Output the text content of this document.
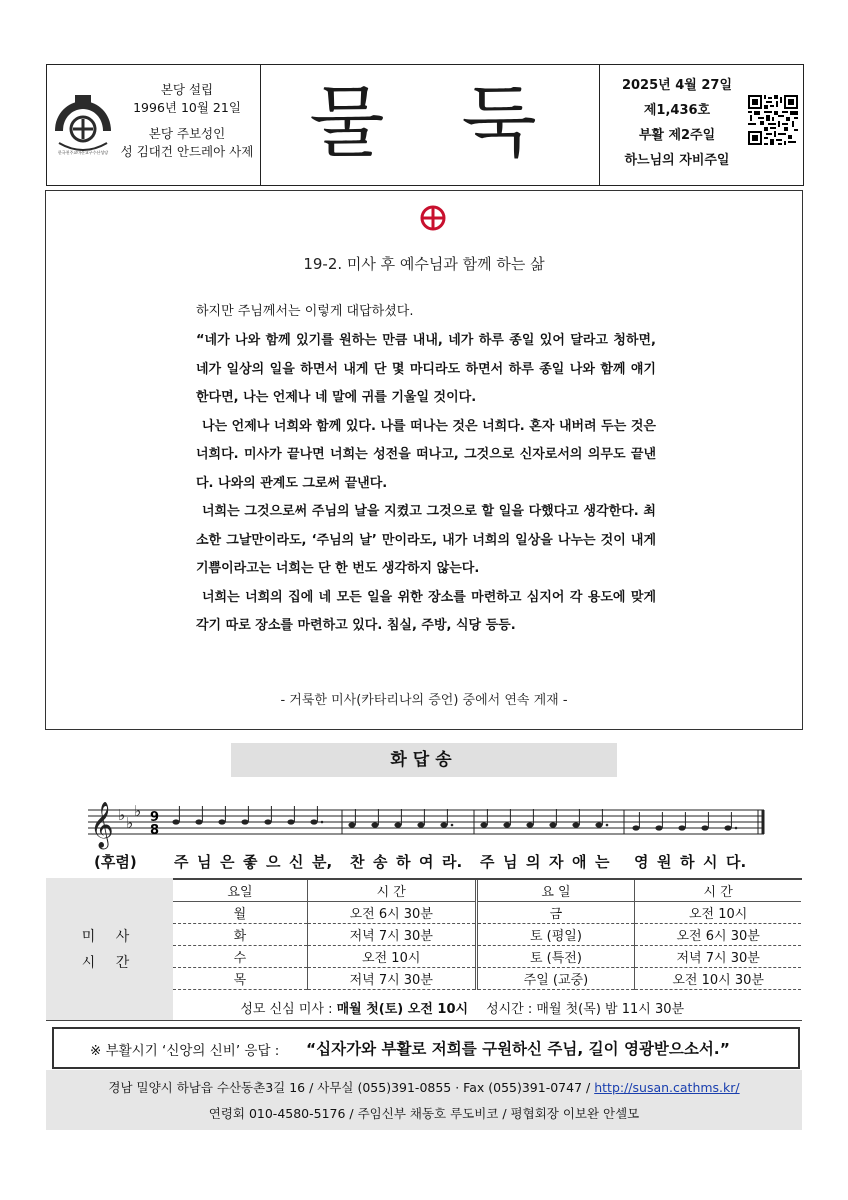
한국천주교마산교구수산성당
본당 설립
1996년 10월 21일
본당 주보성인
성 김대건 안드레아 사제 물 둑	2025년 4월 27일
제1,436호
부활 제2주일
하느님의 자비주일
19-2. 미사 후 예수님과 함께 하는 삶
하지만 주님께서는 이렇게 대답하셨다.

“네가 나와 함께 있기를 원하는 만큼 내내, 네가 하루 종일 있어 달라고 청하면, 네가 일상의 일을 하면서 내게 단 몇 마디라도 하면서 하루 종일 나와 함께 얘기한다면, 나는 언제나 네 말에 귀를 기울일 것이다.

나는 언제나 너희와 함께 있다. 나를 떠나는 것은 너희다. 혼자 내버려 두는 것은 너희다. 미사가 끝나면 너희는 성전을 떠나고, 그것으로 신자로서의 의무도 끝낸다. 나와의 관계도 그로써 끝낸다.

너희는 그것으로써 주님의 날을 지켰고 그것으로 할 일을 다했다고 생각한다. 최소한 그날만이라도, ‘주님의 날’ 만이라도, 내가 너희의 일상을 나누는 것이 내게 기쁨이라고는 너희는 단 한 번도 생각하지 않는다.

너희는 너희의 집에 네 모든 일을 위한 장소를 마련하고 심지어 각 용도에 맞게 각기 따로 장소를 마련하고 있다. 침실, 주방, 식당 등등.

- 거룩한 미사(카타리나의 증언) 중에서 연속 게재 -
화답송
𝄞 ♭ ♭
♭ 9
8
(후렴) 주 님 은 좋 으 신 분, 찬 송 하 여 라. 주 님 의 자 애 는 영 원 하 시 다.
미 사
시 간
요일	시 간	요 일	시 간
월	오전 6시 30분	금	오전 10시
화	저녁 7시 30분	토 (평일)	오전 6시 30분
수	오전 10시	토 (특전)	저녁 7시 30분
목	저녁 7시 30분	주일 (교중)	오전 10시 30분
성모 신심 미사 : 매월 첫(토) 오전 10시		성시간 : 매월 첫(목) 밤 11시 30분	
※ 부활시기 ‘신앙의 신비’ 응답 : “십자가와 부활로 저희를 구원하신 주님, 길이 영광받으소서.”
경남 밀양시 하남읍 수산동촌3길 16 / 사무실 (055)391-0855 · Fax (055)391-0747 / http://susan.cathms.kr/
연령회 010-4580-5176 / 주임신부 채동호 루도비코 / 평협회장 이보완 안셀모
